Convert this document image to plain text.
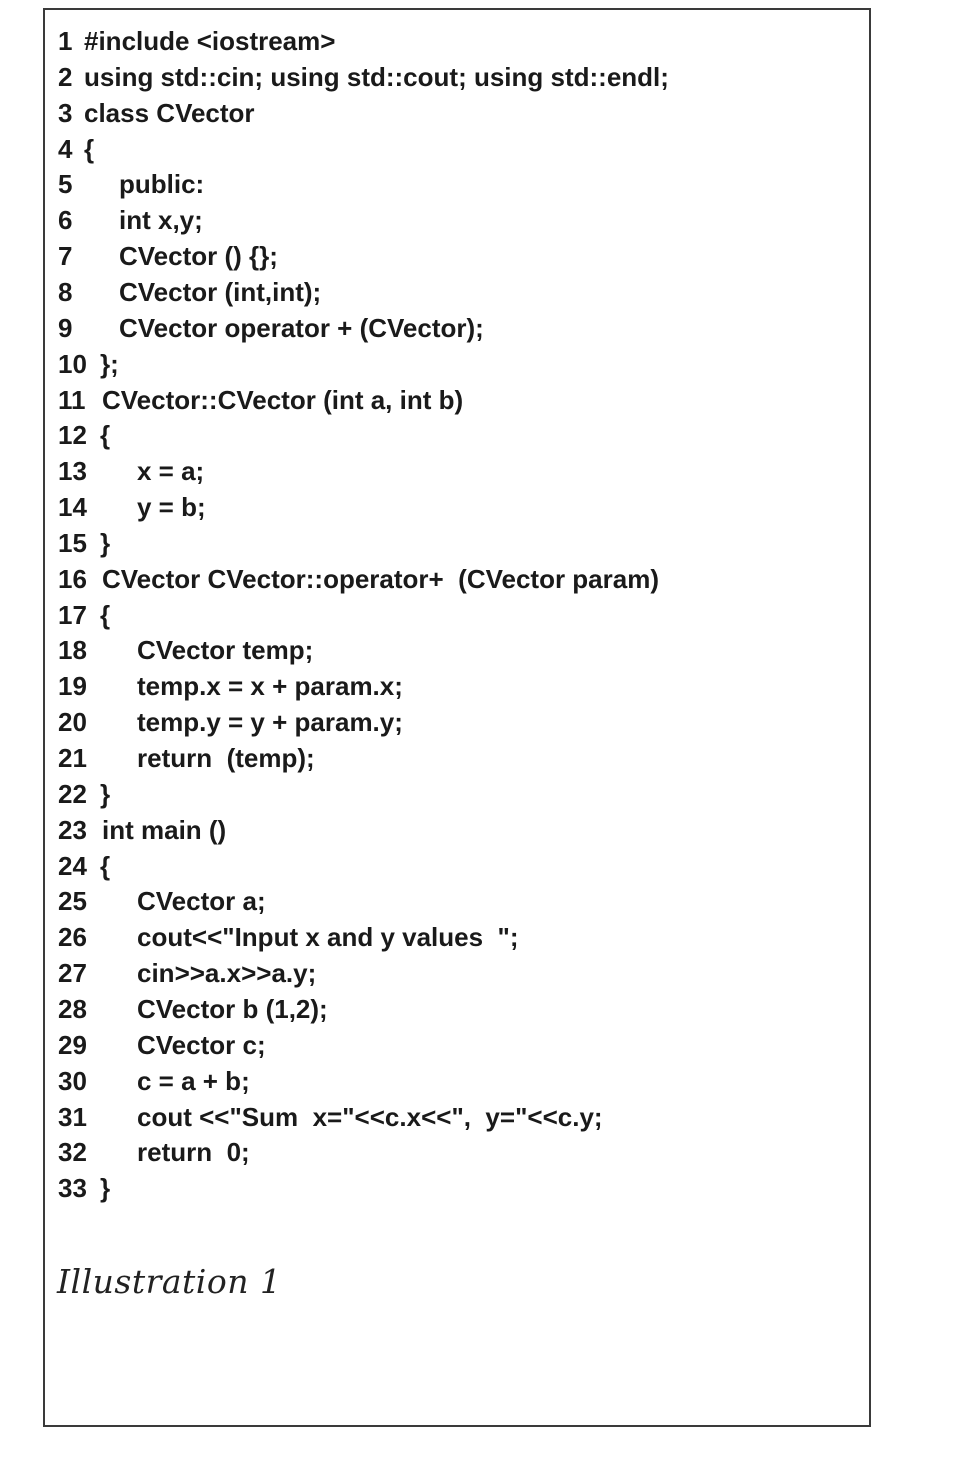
1 #include <iostream>
2 using std::cin; using std::cout; using std::endl;
3 class CVector
4 {
5 public:
6 int x,y;
7 CVector () {};
8 CVector (int,int);
9 CVector operator + (CVector);
10 };
11 CVector::CVector (int a, int b)
12 {
13 x = a;
14 y = b;
15 }
16 CVector CVector::operator+  (CVector param)
17 {
18 CVector temp;
19 temp.x = x + param.x;
20 temp.y = y + param.y;
21 return  (temp);
22 }
23 int main ()
24 {
25 CVector a;
26 cout<<"Input x and y values  ";
27 cin>>a.x>>a.y;
28 CVector b (1,2);
29 CVector c;
30 c = a + b;
31 cout <<"Sum  x="<<c.x<<",  y="<<c.y;
32 return  0;
33 }
Illustration 1
